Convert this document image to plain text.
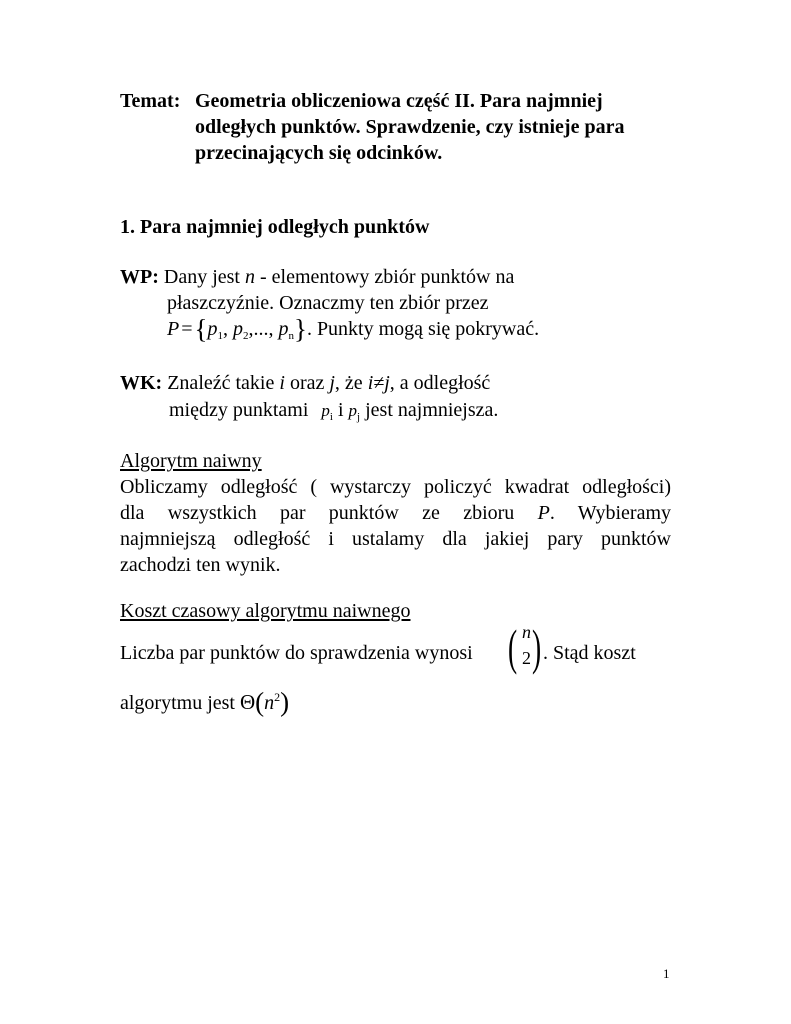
Temat: Geometria obliczeniowa część II. Para najmniej
odległych punktów. Sprawdzenie, czy istnieje para
przecinających się odcinków.
1. Para najmniej odległych punktów
WP: Dany jest n - elementowy zbiór punktów na
płaszczyźnie. Oznaczmy ten zbiór przez
$P =\{p_1$, $p_2$,..., $p_n$}. Punkty mogą się pokrywać.
WK: Znaleźć takie i oraz j, że i≠j, a odległość
między punktami $p_i$ i $p_j$ jest najmniejsza.
Algorytm naiwny
Obliczamy odległość ( wystarczy policzyć kwadrat odległości)
dla wszystkich par punktów ze zbioru P. Wybieramy
najmniejszą odległość i ustalamy dla jakiej pary punktów
zachodzi ten wynik.
Koszt czasowy algorytmu naiwnego
Liczba par punktów do sprawdzenia wynosi ( n
2 ) . Stąd koszt
algorytmu jest $\Theta(n^2)$
1
